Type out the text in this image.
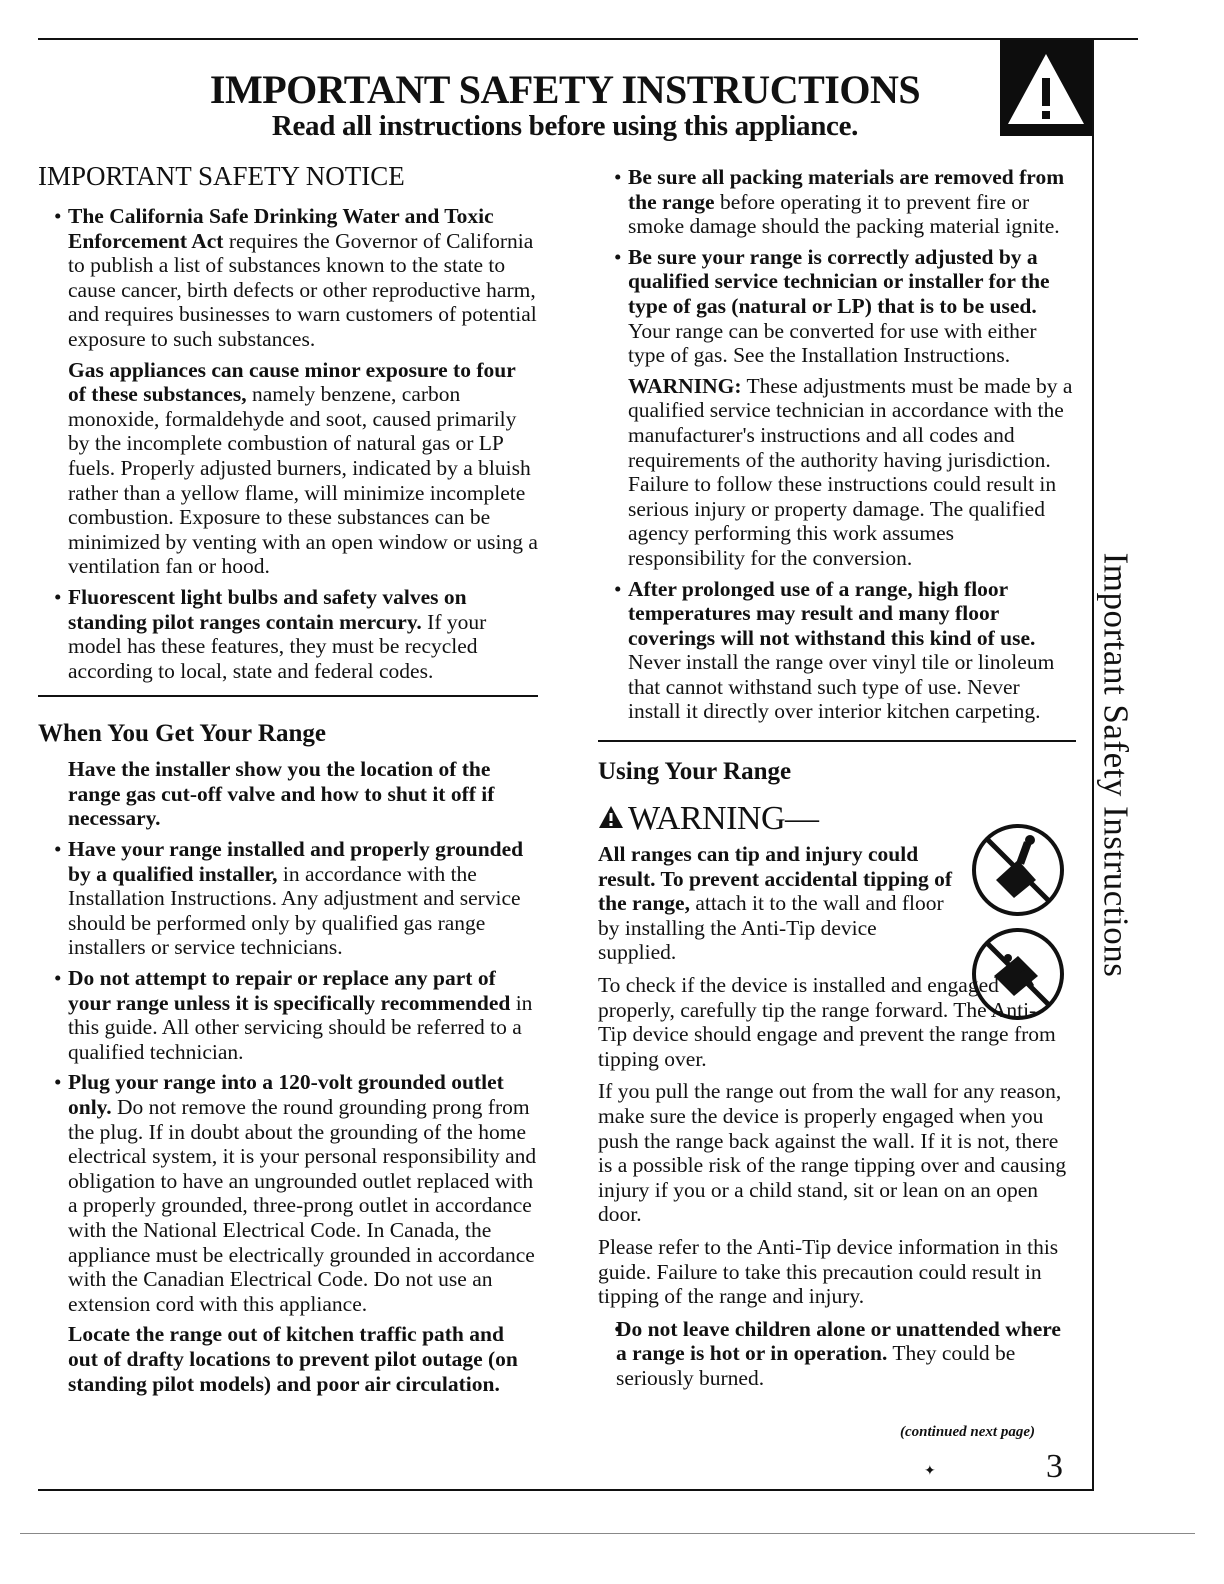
IMPORTANT SAFETY INSTRUCTIONS
Read all instructions before using this appliance.
Important Safety Instructions
IMPORTANT SAFETY NOTICE

• The California Safe Drinking Water and Toxic Enforcement Act requires the Governor of California to publish a list of substances known to the state to cause cancer, birth defects or other reproductive harm, and requires businesses to warn customers of potential exposure to such substances.

Gas appliances can cause minor exposure to four of these substances, namely benzene, carbon monoxide, formaldehyde and soot, caused primarily by the incomplete combustion of natural gas or LP fuels. Properly adjusted burners, indicated by a bluish rather than a yellow flame, will minimize incomplete combustion. Exposure to these substances can be minimized by venting with an open window or using a ventilation fan or hood.

• Fluorescent light bulbs and safety valves on standing pilot ranges contain mercury. If your model has these features, they must be recycled according to local, state and federal codes.

When You Get Your Range

Have the installer show you the location of the range gas cut-off valve and how to shut it off if necessary.

• Have your range installed and properly grounded by a qualified installer, in accordance with the Installation Instructions. Any adjustment and service should be performed only by qualified gas range installers or service technicians.

• Do not attempt to repair or replace any part of your range unless it is specifically recommended in this guide. All other servicing should be referred to a qualified technician.

• Plug your range into a 120-volt grounded outlet only. Do not remove the round grounding prong from the plug. If in doubt about the grounding of the home electrical system, it is your personal responsibility and obligation to have an ungrounded outlet replaced with a properly grounded, three-prong outlet in accordance with the National Electrical Code. In Canada, the appliance must be electrically grounded in accordance with the Canadian Electrical Code. Do not use an extension cord with this appliance.

Locate the range out of kitchen traffic path and out of drafty locations to prevent pilot outage (on standing pilot models) and poor air circulation.

• Be sure all packing materials are removed from the range before operating it to prevent fire or smoke damage should the packing material ignite.

• Be sure your range is correctly adjusted by a qualified service technician or installer for the type of gas (natural or LP) that is to be used. Your range can be converted for use with either type of gas. See the Installation Instructions.

WARNING: These adjustments must be made by a qualified service technician in accordance with the manufacturer's instructions and all codes and requirements of the authority having jurisdiction. Failure to follow these instructions could result in serious injury or property damage. The qualified agency performing this work assumes responsibility for the conversion.

• After prolonged use of a range, high floor temperatures may result and many floor coverings will not withstand this kind of use. Never install the range over vinyl tile or linoleum that cannot withstand such type of use. Never install it directly over interior kitchen carpeting.

Using Your Range
WARNING—

All ranges can tip and injury could result. To prevent accidental tipping of the range, attach it to the wall and floor by installing the Anti-Tip device supplied.

To check if the device is installed and engaged properly, carefully tip the range forward. The Anti-Tip device should engage and prevent the range from tipping over.

If you pull the range out from the wall for any reason, make sure the device is properly engaged when you push the range back against the wall. If it is not, there is a possible risk of the range tipping over and causing injury if you or a child stand, sit or lean on an open door.

Please refer to the Anti-Tip device information in this guide. Failure to take this precaution could result in tipping of the range and injury.

• Do not leave children alone or unattended where a range is hot or in operation. They could be seriously burned.

(continued next page)
✦	3
